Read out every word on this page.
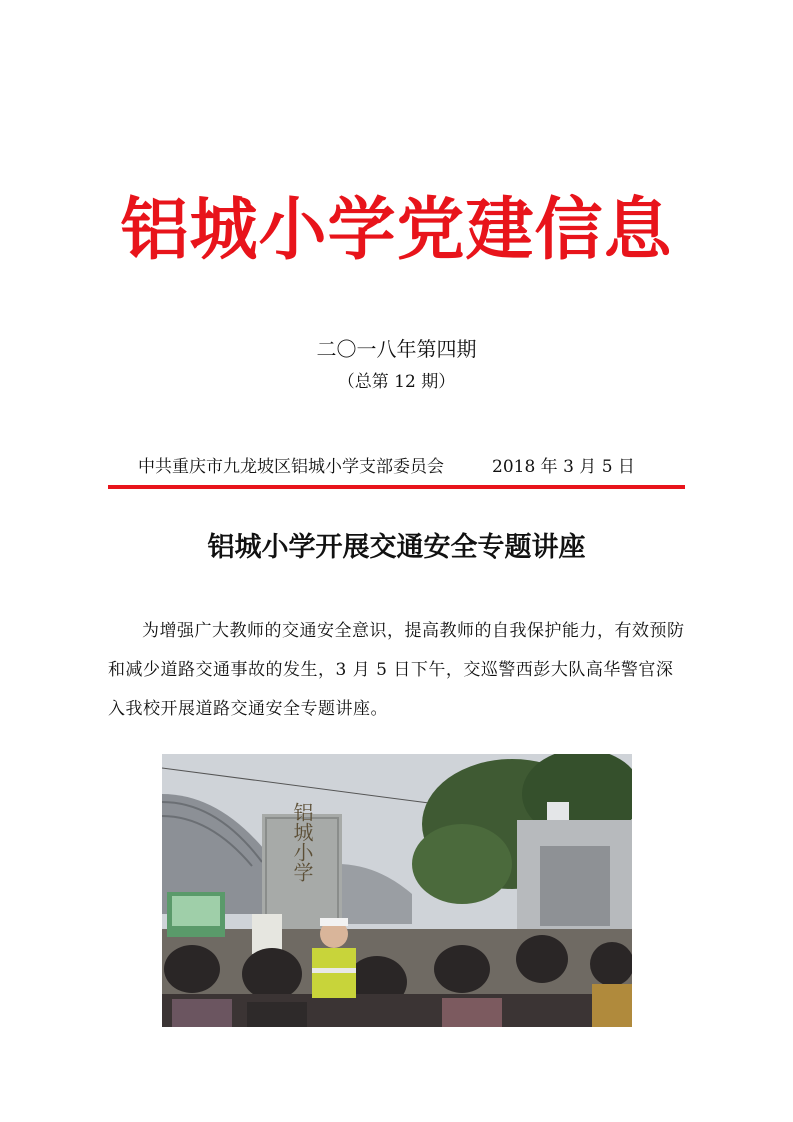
铝城小学党建信息
二〇一八年第四期
（总第 12 期）
中共重庆市九龙坡区铝城小学支部委员会	2018 年 3 月 5 日
铝城小学开展交通安全专题讲座

为增强广大教师的交通安全意识，提高教师的自我保护能力，有效预防和减少道路交通事故的发生，3 月 5 日下午，交巡警西彭大队高华警官深入我校开展道路交通安全专题讲座。

铝城小学
